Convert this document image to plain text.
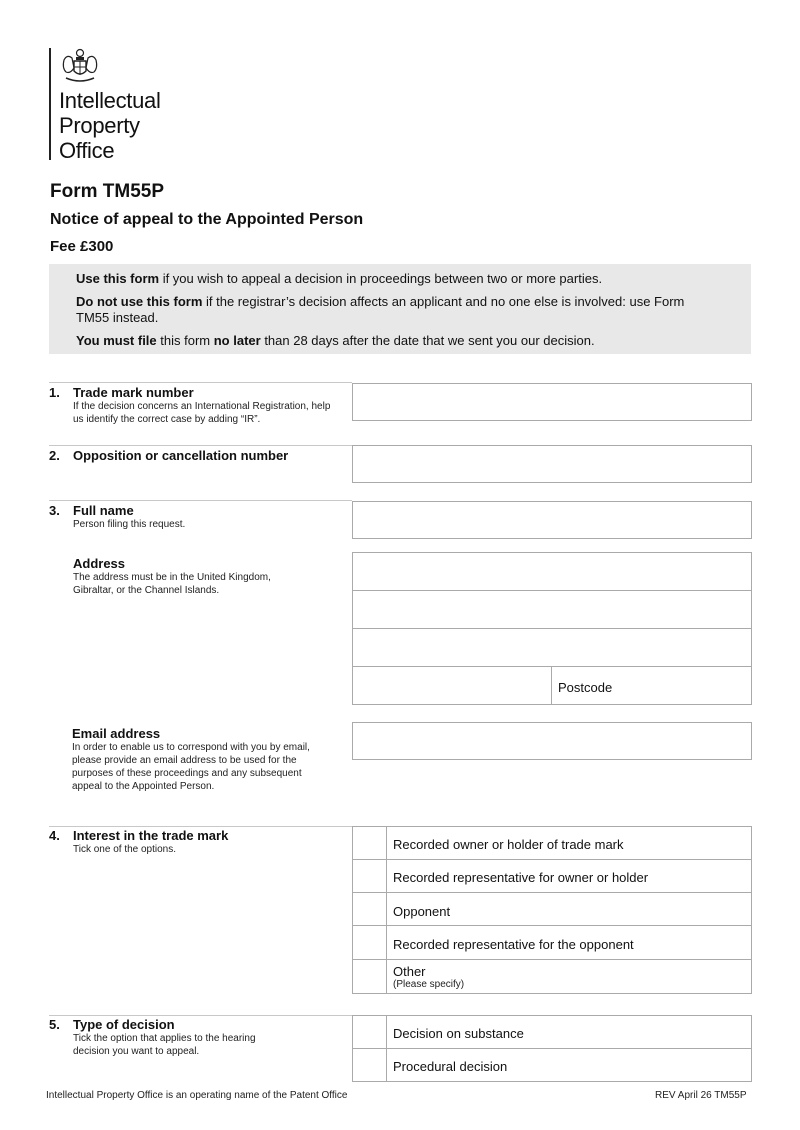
Intellectual
Property
Office
Form TM55P
Notice of appeal to the Appointed Person
Fee £300

Use this form if you wish to appeal a decision in proceedings between two or more parties.

Do not use this form if the registrar’s decision affects an applicant and no one else is involved: use Form TM55 instead.

You must file this form no later than 28 days after the date that we sent you our decision.

1. Trade mark number
If the decision concerns an International Registration, help us identify the correct case by adding “IR”.
2. Opposition or cancellation number
3. Full name
Person filing this request.
Address
The address must be in the United Kingdom, Gibraltar, or the Channel Islands.
Postcode
Email address
In order to enable us to correspond with you by email, please provide an email address to be used for the purposes of these proceedings and any subsequent appeal to the Appointed Person.
4. Interest in the trade mark
Tick one of the options.	Recorded owner or holder of trade mark
Recorded representative for owner or holder
Opponent
Recorded representative for the opponent
Other
(Please specify)
5. Type of decision
Tick the option that applies to the hearing decision you want to appeal.
Decision on substance
Procedural decision
Intellectual Property Office is an operating name of the Patent Office	REV April 26 TM55P
